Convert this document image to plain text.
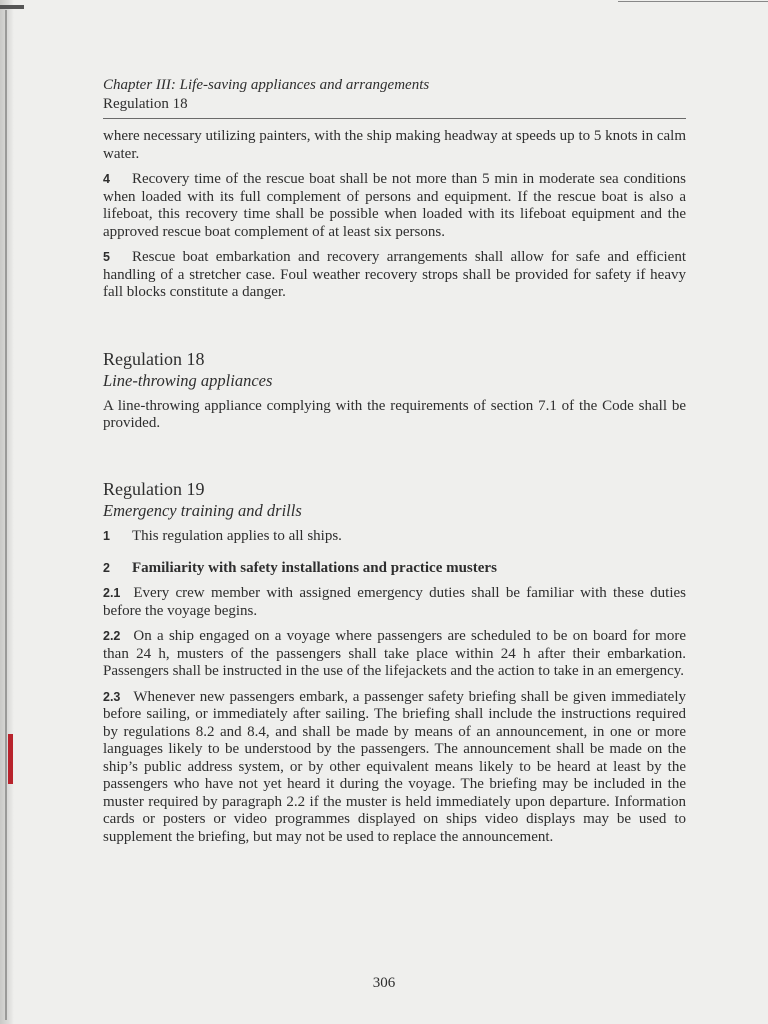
Chapter III: Life-saving appliances and arrangements
Regulation 18

where necessary utilizing painters, with the ship making headway at speeds up to 5 knots in calm water.

4 Recovery time of the rescue boat shall be not more than 5 min in moderate sea conditions when loaded with its full complement of persons and equipment. If the rescue boat is also a lifeboat, this recovery time shall be possible when loaded with its lifeboat equipment and the approved rescue boat complement of at least six persons.

5 Rescue boat embarkation and recovery arrangements shall allow for safe and efficient handling of a stretcher case. Foul weather recovery strops shall be provided for safety if heavy fall blocks constitute a danger.

Regulation 18
Line-throwing appliances

A line-throwing appliance complying with the requirements of section 7.1 of the Code shall be provided.

Regulation 19
Emergency training and drills

1 This regulation applies to all ships.

2 Familiarity with safety installations and practice musters

2.1 Every crew member with assigned emergency duties shall be familiar with these duties before the voyage begins.

2.2 On a ship engaged on a voyage where passengers are scheduled to be on board for more than 24 h, musters of the passengers shall take place within 24 h after their embarkation. Passengers shall be instructed in the use of the lifejackets and the action to take in an emergency.

2.3 Whenever new passengers embark, a passenger safety briefing shall be given immediately before sailing, or immediately after sailing. The briefing shall include the instructions required by regulations 8.2 and 8.4, and shall be made by means of an announcement, in one or more languages likely to be understood by the passengers. The announcement shall be made on the ship’s public address system, or by other equivalent means likely to be heard at least by the passengers who have not yet heard it during the voyage. The briefing may be included in the muster required by paragraph 2.2 if the muster is held immediately upon departure. Information cards or posters or video programmes displayed on ships video displays may be used to supplement the briefing, but may not be used to replace the announcement.

306
